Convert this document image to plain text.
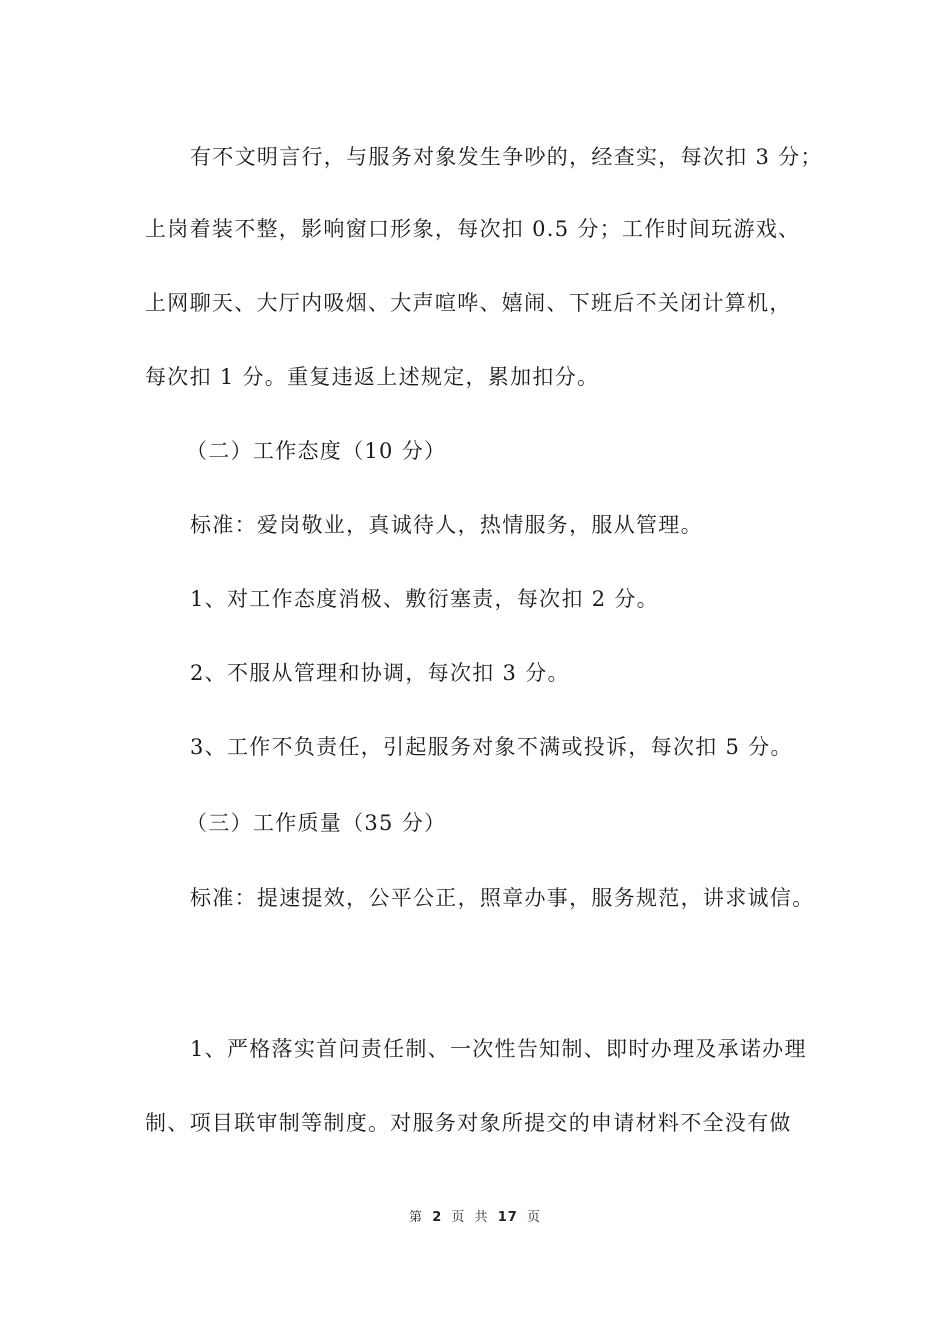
有不文明言行，与服务对象发生争吵的，经查实，每次扣 3 分；
上岗着装不整，影响窗口形象，每次扣 0.5 分；工作时间玩游戏、
上网聊天、大厅内吸烟、大声喧哗、嬉闹、下班后不关闭计算机，
每次扣 1 分。重复违返上述规定，累加扣分。
（二）工作态度（10 分）
标准：爱岗敬业，真诚待人，热情服务，服从管理。
1、对工作态度消极、敷衍塞责，每次扣 2 分。
2、不服从管理和协调，每次扣 3 分。
3、工作不负责任，引起服务对象不满或投诉，每次扣 5 分。
（三）工作质量（35 分）
标准：提速提效，公平公正，照章办事，服务规范，讲求诚信。
1、严格落实首问责任制、一次性告知制、即时办理及承诺办理
制、项目联审制等制度。对服务对象所提交的申请材料不全没有做
第 2 页 共 17 页
